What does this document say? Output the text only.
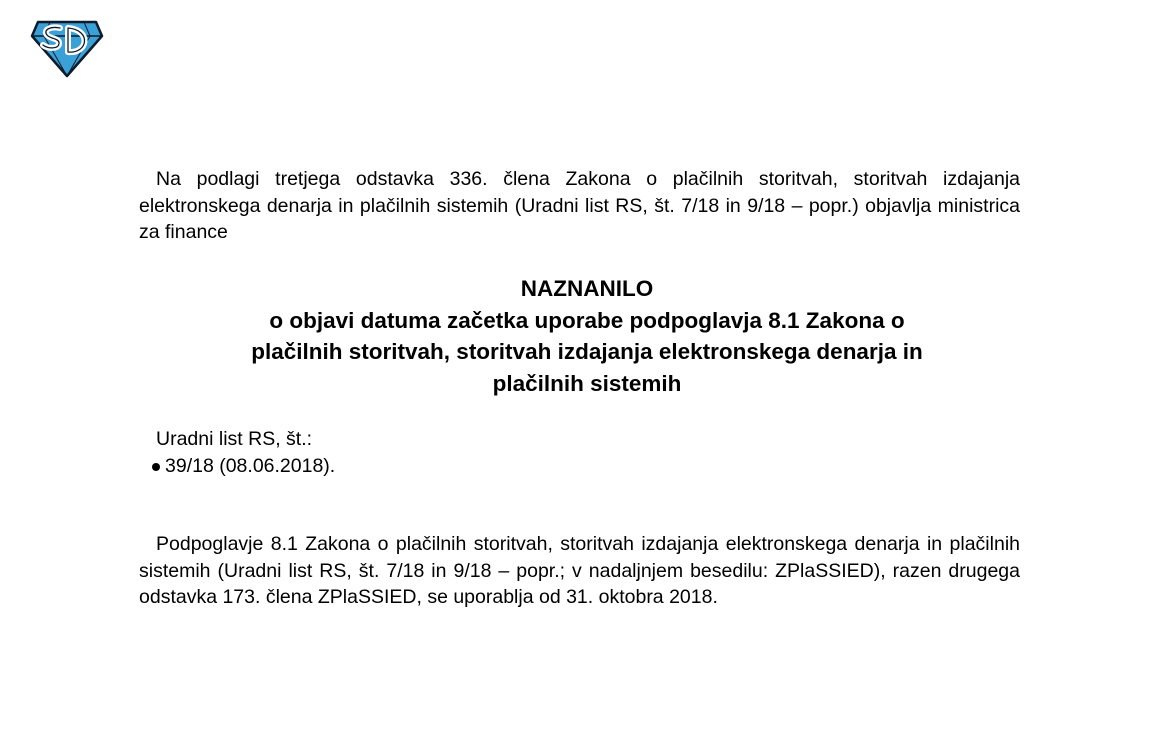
Na podlagi tretjega odstavka 336. člena Zakona o plačilnih storitvah, storitvah izdajanja elektronskega denarja in plačilnih sistemih (Uradni list RS, št. 7/18 in 9/18 – popr.) objavlja ministrica za finance

NAZNANILO
o objavi datuma začetka uporabe podpoglavja 8.1 Zakona o
plačilnih storitvah, storitvah izdajanja elektronskega denarja in
plačilnih sistemih
Uradni list RS, št.:
39/18 (08.06.2018).

Podpoglavje 8.1 Zakona o plačilnih storitvah, storitvah izdajanja elektronskega denarja in plačilnih sistemih (Uradni list RS, št. 7/18 in 9/18 – popr.; v nadaljnjem besedilu: ZPlaSSIED), razen drugega odstavka 173. člena ZPlaSSIED, se uporablja od 31. oktobra 2018.
